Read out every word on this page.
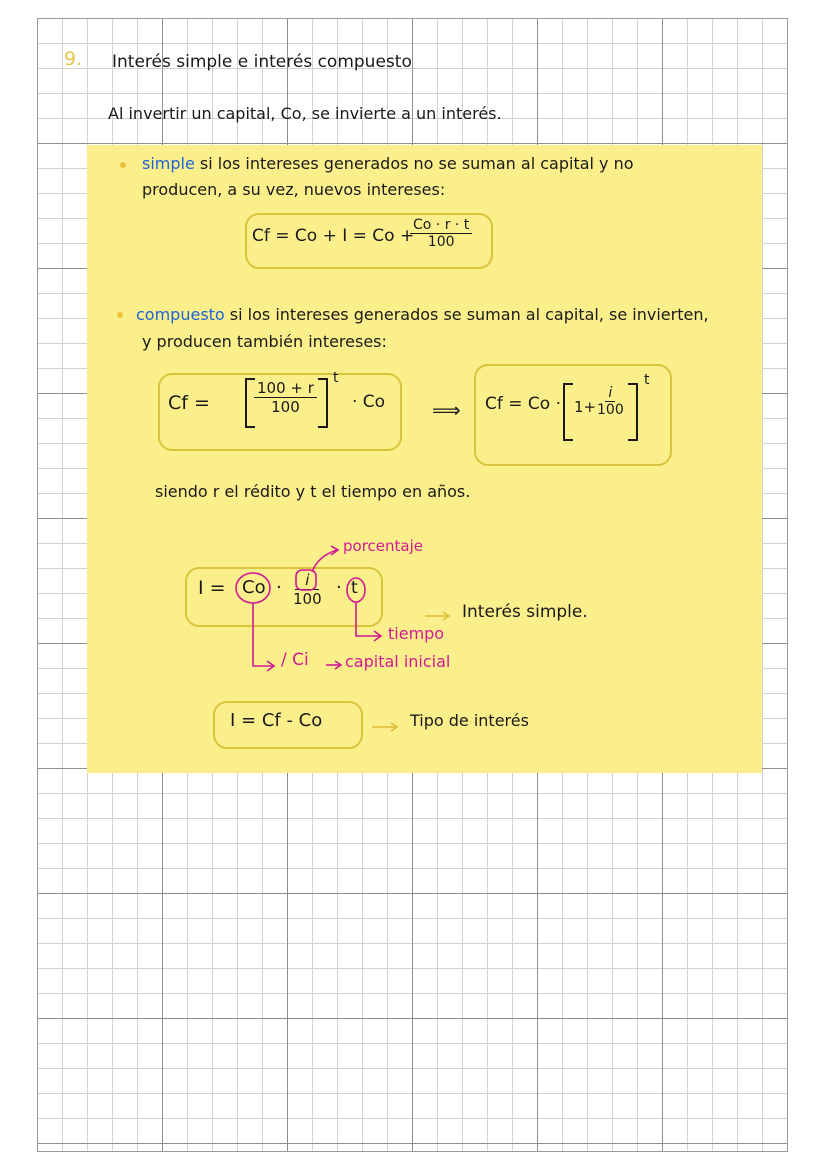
9. Interés simple e interés compuesto
Al invertir un capital, Co, se invierte a un interés.
simple si los intereses generados no se suman al capital y no
producen, a su vez, nuevos intereses:
Cf = Co + I = Co +
$\frac{Co \cdot r \cdot t}{100}$
compuesto si los intereses generados se suman al capital, se invierten,
y producen también intereses:
Cf =	$\frac{100 + r}{100}$
t
· Co ⟹ Cf = Co · 1+
$\frac{i}{100}$
t
siendo r el rédito y t el tiempo en años.
porcentaje
$I = Co \cdot \frac{i}{100} \cdot t$
Interés simple.
tiempo
/ Ci capital inicial
I = Cf - Co	Tipo de interés
